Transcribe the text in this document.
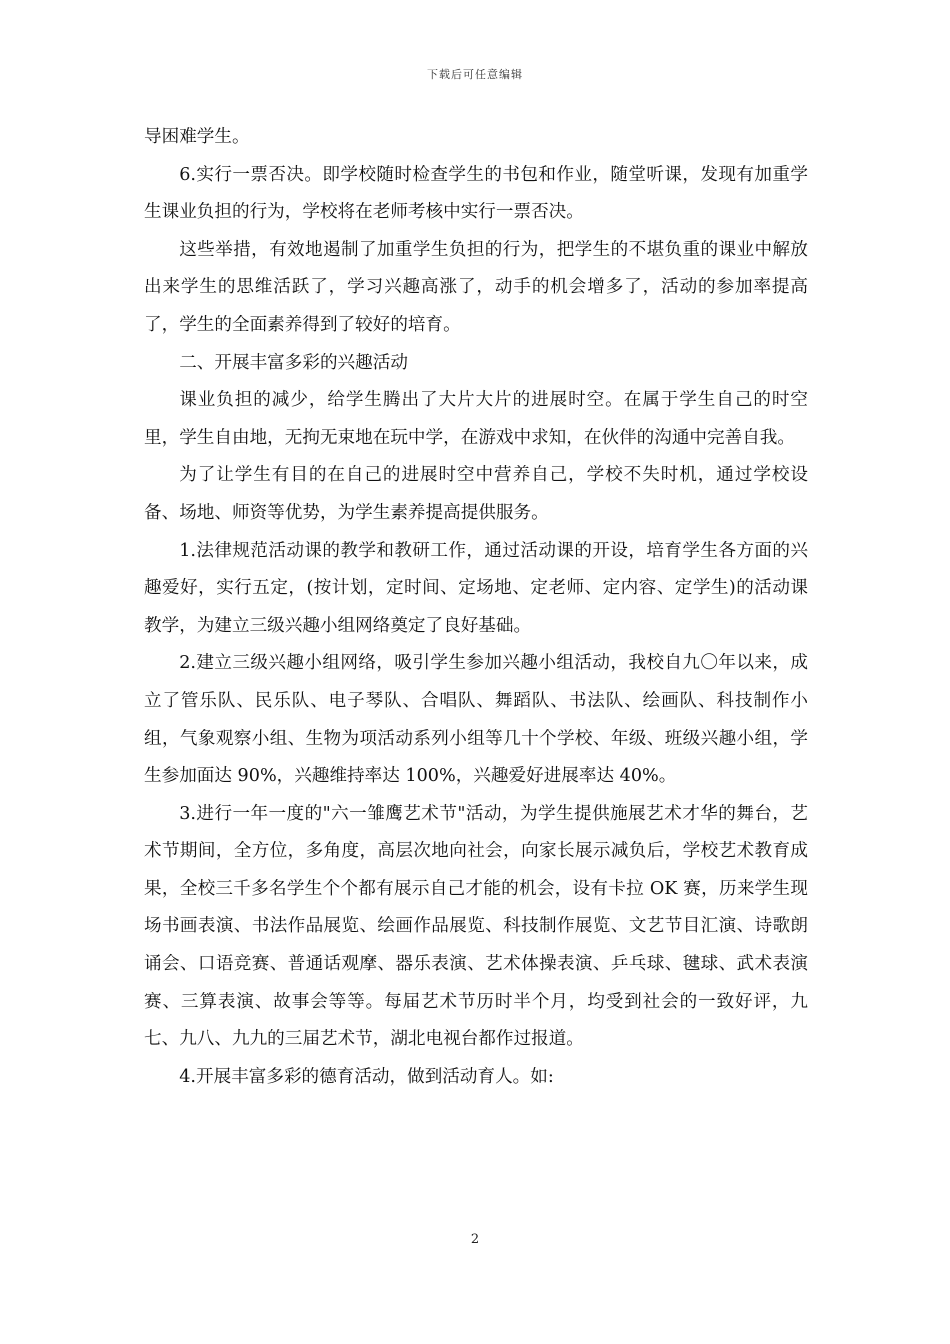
下载后可任意编辑

导困难学生。

6.实行一票否决。即学校随时检查学生的书包和作业，随堂听课，发现有加重学生课业负担的行为，学校将在老师考核中实行一票否决。

这些举措，有效地遏制了加重学生负担的行为，把学生的不堪负重的课业中解放出来学生的思维活跃了，学习兴趣高涨了，动手的机会增多了，活动的参加率提高了，学生的全面素养得到了较好的培育。

二、开展丰富多彩的兴趣活动

课业负担的减少，给学生腾出了大片大片的进展时空。在属于学生自己的时空里，学生自由地，无拘无束地在玩中学，在游戏中求知，在伙伴的沟通中完善自我。

为了让学生有目的在自己的进展时空中营养自己，学校不失时机，通过学校设备、场地、师资等优势，为学生素养提高提供服务。

1.法律规范活动课的教学和教研工作，通过活动课的开设，培育学生各方面的兴趣爱好，实行五定，(按计划，定时间、定场地、定老师、定内容、定学生)的活动课教学，为建立三级兴趣小组网络奠定了良好基础。

2.建立三级兴趣小组网络，吸引学生参加兴趣小组活动，我校自九〇年以来，成立了管乐队、民乐队、电子琴队、合唱队、舞蹈队、书法队、绘画队、科技制作小组，气象观察小组、生物为项活动系列小组等几十个学校、年级、班级兴趣小组，学生参加面达 90%，兴趣维持率达 100%，兴趣爱好进展率达 40%。

3.进行一年一度的"六一雏鹰艺术节"活动，为学生提供施展艺术才华的舞台，艺术节期间，全方位，多角度，高层次地向社会，向家长展示减负后，学校艺术教育成果，全校三千多名学生个个都有展示自己才能的机会，设有卡拉 OK 赛，历来学生现场书画表演、书法作品展览、绘画作品展览、科技制作展览、文艺节目汇演、诗歌朗诵会、口语竞赛、普通话观摩、器乐表演、艺术体操表演、乒乓球、毽球、武术表演赛、三算表演、故事会等等。每届艺术节历时半个月，均受到社会的一致好评，九七、九八、九九的三届艺术节，湖北电视台都作过报道。

4.开展丰富多彩的德育活动，做到活动育人。如:

2
